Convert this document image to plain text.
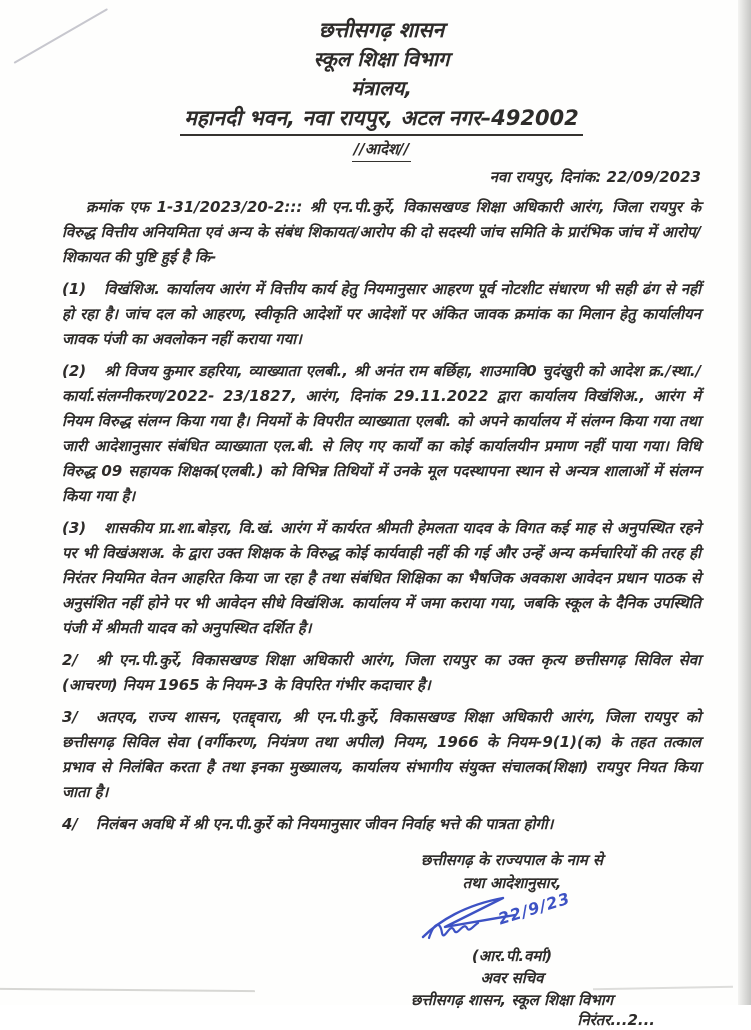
छत्तीसगढ़ शासन
स्कूल शिक्षा विभाग
मंत्रालय,
महानदी भवन, नवा रायपुर, अटल नगर–492002
//आदेश//
नवा रायपुर, दिनांक: 22/09/2023
क्रमांक एफ 1-31/2023/20-2::: श्री एन.पी.कुर्रे, विकासखण्ड शिक्षा अधिकारी आरंग, जिला रायपुर के विरुद्ध वित्तीय अनियमिता एवं अन्य के संबंध शिकायत/आरोप की दो सदस्यी जांच समिति के प्रारंभिक जांच में आरोप/शिकायत की पुष्टि हुई है कि-
(1) विखंशिअ. कार्यालय आरंग में वित्तीय कार्य हेतु नियमानुसार आहरण पूर्व नोटशीट संधारण भी सही ढंग से नहीं हो रहा है। जांच दल को आहरण, स्वीकृति आदेशों पर आदेशों पर अंकित जावक क्रमांक का मिलान हेतु कार्यालीयन जावक पंजी का अवलोकन नहीं कराया गया।
(2) श्री विजय कुमार डहरिया, व्याख्याता एलबी., श्री अनंत राम बर्छिहा, शाउमावि0 चुदंखुरी को आदेश क्र./स्था./कार्या.संलग्नीकरण/2022- 23/1827, आरंग, दिनांक 29.11.2022 द्वारा कार्यालय विखंशिअ., आरंग में नियम विरुद्ध संलग्न किया गया है। नियमों के विपरीत व्याख्याता एलबी. को अपने कार्यालय में संलग्न किया गया तथा जारी आदेशानुसार संबंधित व्याख्याता एल.बी. से लिए गए कार्यों का कोई कार्यालयीन प्रमाण नहीं पाया गया। विधि विरुद्ध 09 सहायक शिक्षक(एलबी.) को विभिन्न तिथियों में उनके मूल पदस्थापना स्थान से अन्यत्र शालाओं में संलग्न किया गया है।
(3) शासकीय प्रा.शा.बोड़रा, वि.खं. आरंग में कार्यरत श्रीमती हेमलता यादव के विगत कई माह से अनुपस्थित रहने पर भी विखंअशअ. के द्वारा उक्त शिक्षक के विरुद्ध कोई कार्यवाही नहीं की गई और उन्हें अन्य कर्मचारियों की तरह ही निरंतर नियमित वेतन आहरित किया जा रहा है तथा संबंधित शिक्षिका का भैषजिक अवकाश आवेदन प्रधान पाठक से अनुसंशित नहीं होने पर भी आवेदन सीधे विखंशिअ. कार्यालय में जमा कराया गया, जबकि स्कूल के दैनिक उपस्थिति पंजी में श्रीमती यादव को अनुपस्थित दर्शित है।
2/ श्री एन.पी.कुर्रे, विकासखण्ड शिक्षा अधिकारी आरंग, जिला रायपुर का उक्त कृत्य छत्तीसगढ़ सिविल सेवा (आचरण) नियम 1965 के नियम-3 के विपरित गंभीर कदाचार है।
3/ अतएव, राज्य शासन, एतद्द्वारा, श्री एन.पी.कुर्रे, विकासखण्ड शिक्षा अधिकारी आरंग, जिला रायपुर को छत्तीसगढ़ सिविल सेवा (वर्गीकरण, नियंत्रण तथा अपील) नियम, 1966 के नियम-9(1)(क) के तहत तत्काल प्रभाव से निलंबित करता है तथा इनका मुख्यालय, कार्यालय संभागीय संयुक्त संचालक(शिक्षा) रायपुर नियत किया जाता है।
4/ निलंबन अवधि में श्री एन.पी.कुर्रे को नियमानुसार जीवन निर्वाह भत्ते की पात्रता होगी।
छत्तीसगढ़ के राज्यपाल के नाम से
तथा आदेशानुसार,
22/9/23
(आर.पी.वर्मा)
अवर सचिव
छत्तीसगढ़ शासन, स्कूल शिक्षा विभाग
निरंतर...2...
